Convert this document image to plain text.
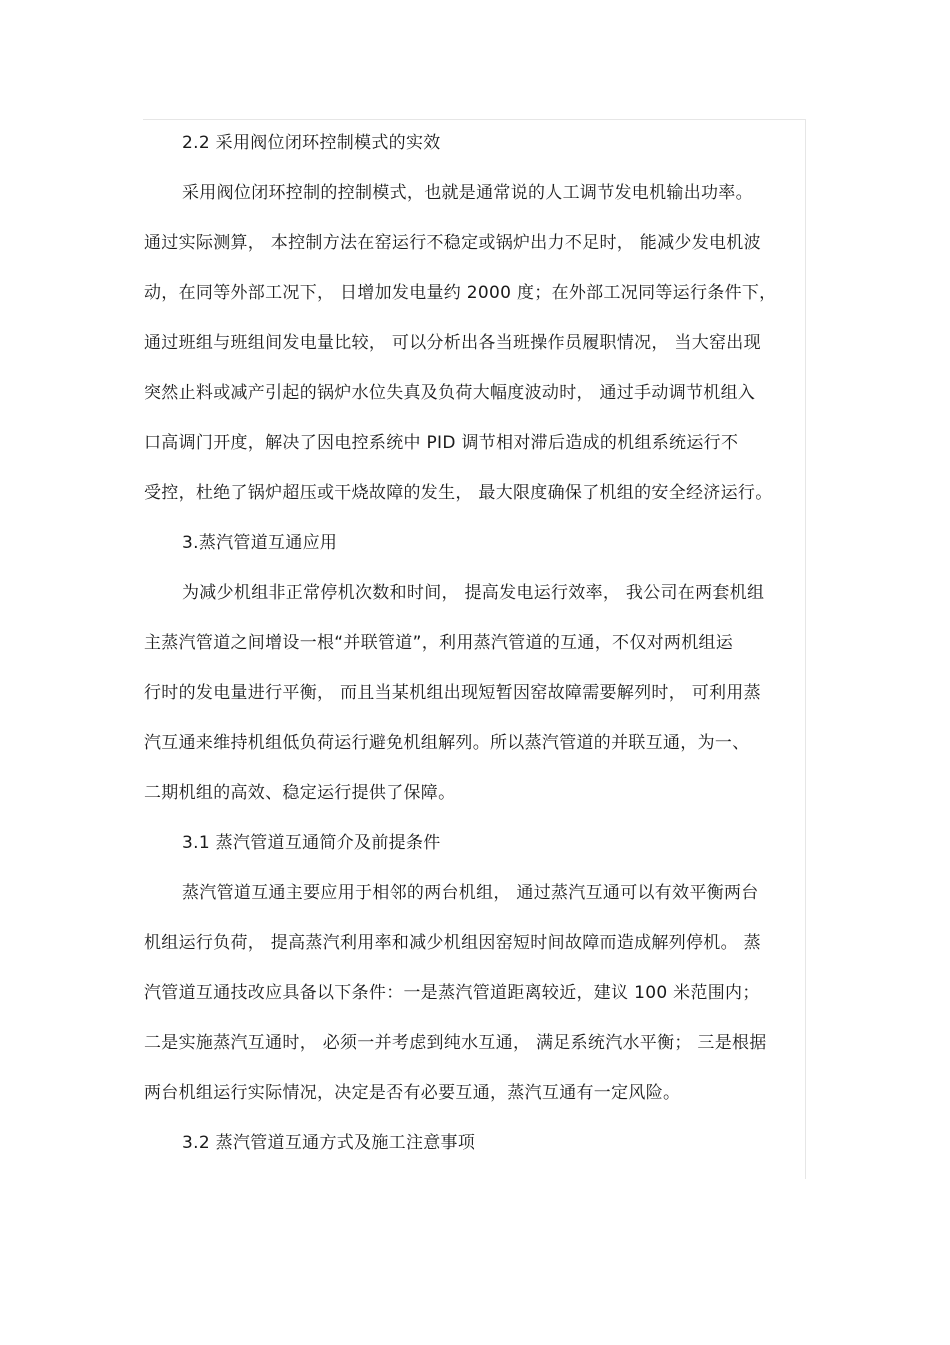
2.2 采用阀位闭环控制模式的实效
采用阀位闭环控制的控制模式，也就是通常说的人工调节发电机输出功率。
通过实际测算， 本控制方法在窑运行不稳定或锅炉出力不足时， 能减少发电机波
动，在同等外部工况下， 日增加发电量约 2000 度；在外部工况同等运行条件下，
通过班组与班组间发电量比较， 可以分析出各当班操作员履职情况， 当大窑出现
突然止料或减产引起的锅炉水位失真及负荷大幅度波动时， 通过手动调节机组入
口高调门开度，解决了因电控系统中 PID 调节相对滞后造成的机组系统运行不
受控，杜绝了锅炉超压或干烧故障的发生， 最大限度确保了机组的安全经济运行。
3.蒸汽管道互通应用
为减少机组非正常停机次数和时间， 提高发电运行效率， 我公司在两套机组
主蒸汽管道之间增设一根“并联管道”，利用蒸汽管道的互通，不仅对两机组运
行时的发电量进行平衡， 而且当某机组出现短暂因窑故障需要解列时， 可利用蒸
汽互通来维持机组低负荷运行避免机组解列。所以蒸汽管道的并联互通，为一、
二期机组的高效、稳定运行提供了保障。
3.1 蒸汽管道互通简介及前提条件
蒸汽管道互通主要应用于相邻的两台机组， 通过蒸汽互通可以有效平衡两台
机组运行负荷， 提高蒸汽利用率和减少机组因窑短时间故障而造成解列停机。 蒸
汽管道互通技改应具备以下条件：一是蒸汽管道距离较近，建议 100 米范围内；
二是实施蒸汽互通时， 必须一并考虑到纯水互通， 满足系统汽水平衡； 三是根据
两台机组运行实际情况，决定是否有必要互通，蒸汽互通有一定风险。
3.2 蒸汽管道互通方式及施工注意事项
